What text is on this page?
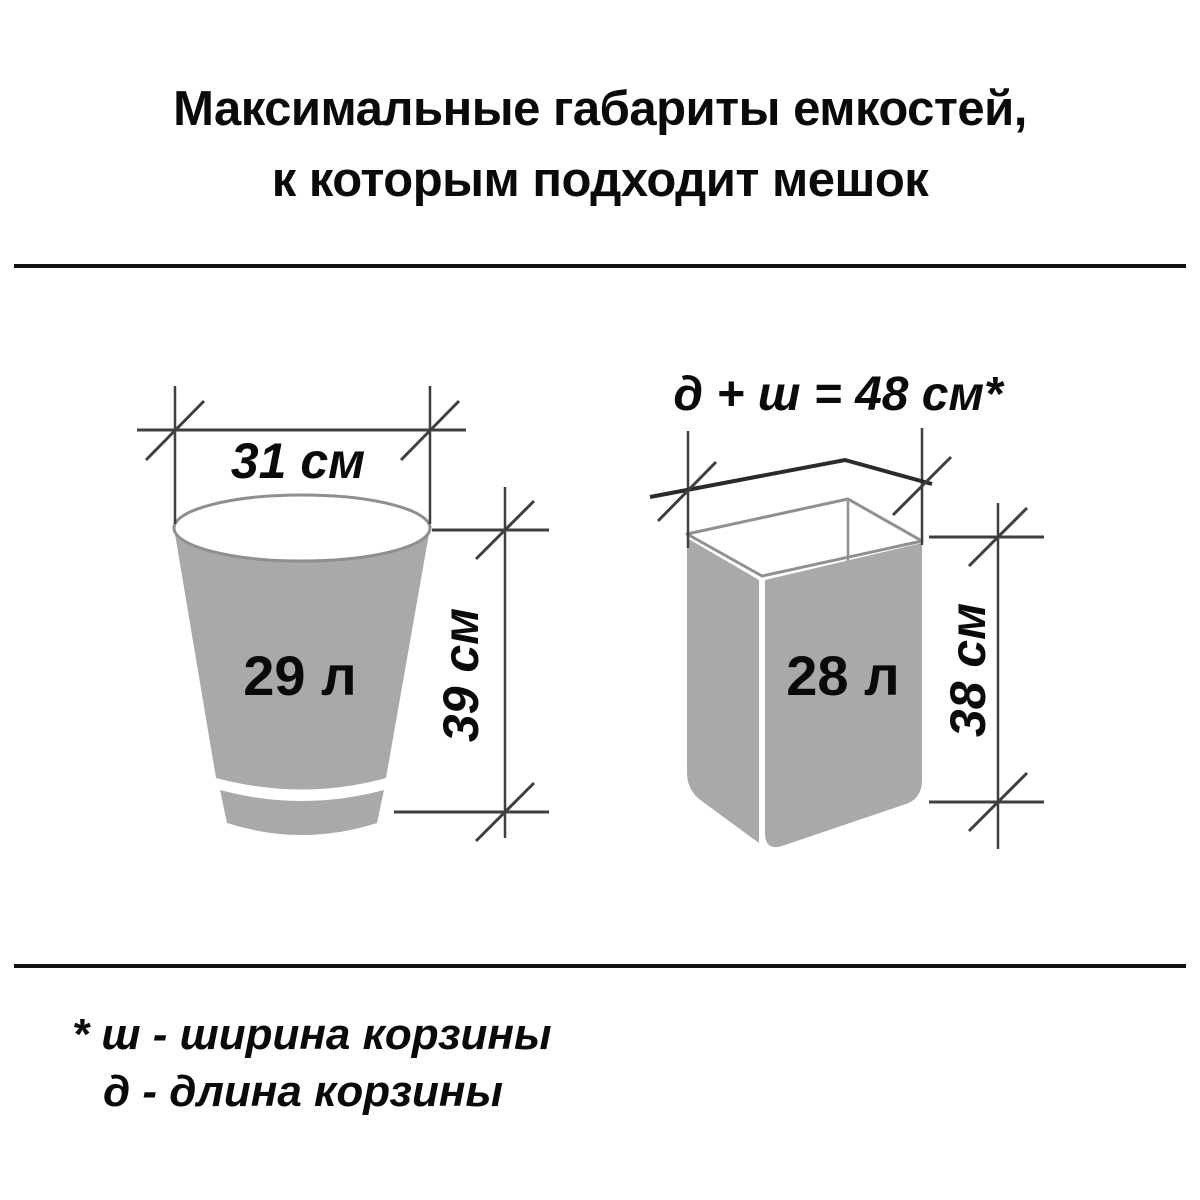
Максимальные габариты емкостей,
к которым подходит мешок
29 л
31 см
39 см	28 л
д + ш = 48 см*
38 см
* ш - ширина корзины
д - длина корзины
